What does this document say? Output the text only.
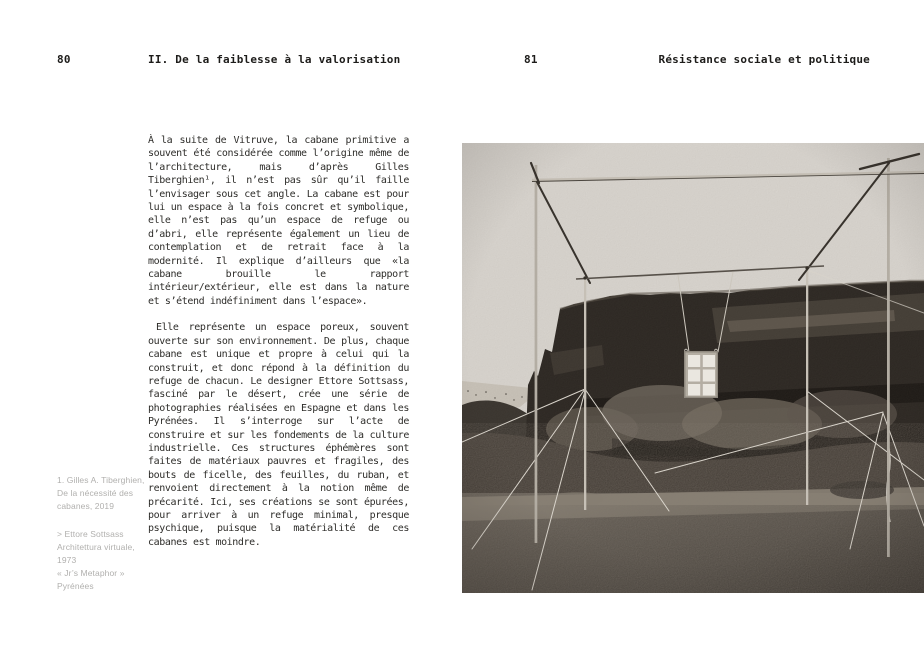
80	II. De la faiblesse à la valorisation

À la suite de Vitruve, la cabane primitive a souvent été considérée comme l’origine même de l’architecture, mais d’après Gilles Tiberghien¹, il n’est pas sûr qu’il faille l’envisager sous cet angle. La cabane est pour lui un espace à la fois concret et symbolique, elle n’est pas qu’un espace de refuge ou d’abri, elle représente également un lieu de contemplation et de retrait face à la modernité. Il explique d’ailleurs que «la cabane brouille le rapport intérieur/extérieur, elle est dans la nature et s’étend indéfiniment dans l’espace».

Elle représente un espace poreux, souvent ouverte sur son environnement. De plus, chaque cabane est unique et propre à celui qui la construit, et donc répond à la définition du refuge de chacun. Le designer Ettore Sottsass, fasciné par le désert, crée une série de photographies réalisées en Espagne et dans les Pyrénées. Il s’interroge sur l’acte de construire et sur les fondements de la culture industrielle. Ces structures éphémères sont faites de matériaux pauvres et fragiles, des bouts de ficelle, des feuilles, du ruban, et renvoient directement à la notion même de précarité. Ici, ses créations se sont épurées, pour arriver à un refuge minimal, presque psychique, puisque la matérialité de ces cabanes est moindre.

1. Gilles A. Tiberghien,
De la nécessité des
cabanes, 2019
> Ettore Sottsass
Architettura virtuale,
1973
« Jr’s Metaphor »
Pyrénées
81	Résistance sociale et politique
